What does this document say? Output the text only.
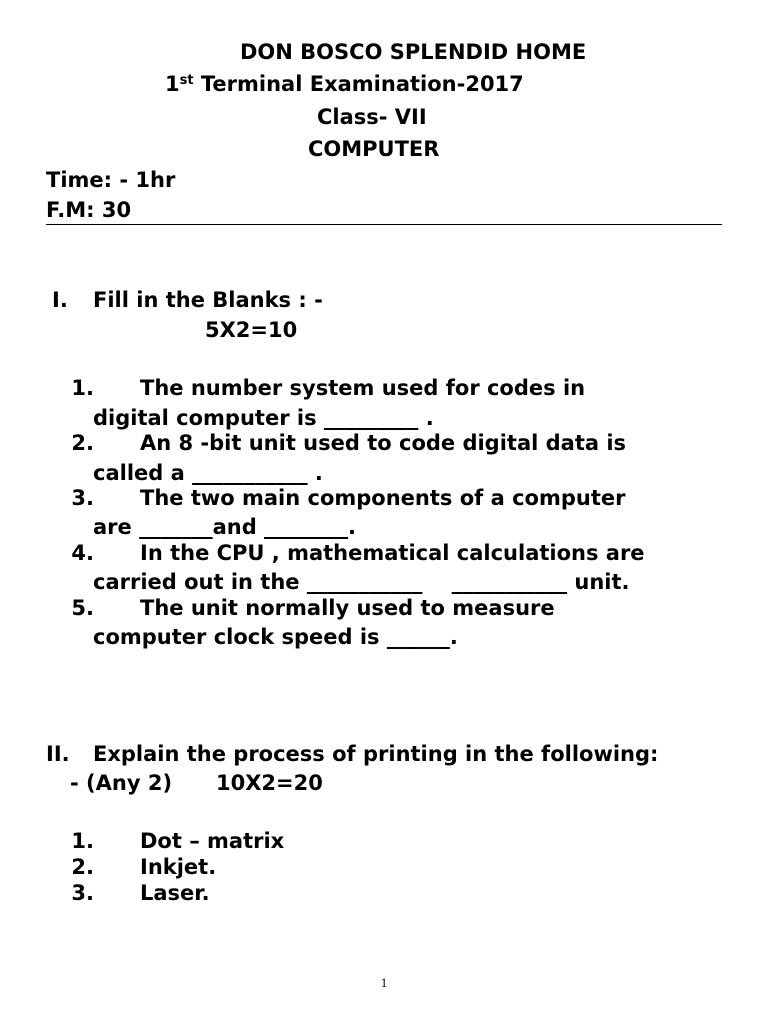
DON BOSCO SPLENDID HOME
1st Terminal Examination-2017
Class- VII
COMPUTER
Time: - 1hr
F.M: 30
I. Fill in the Blanks : -
5X2=10
1. The number system used for codes in
digital computer is _________ .
2. An 8 -bit unit used to code digital data is
called a ___________ .
3. The two main components of a computer
are _______and ________.
4. In the CPU , mathematical calculations are
carried out in the ___________    ___________ unit.
5. The unit normally used to measure
computer clock speed is ______.
II. Explain the process of printing in the following:
- (Any 2) 10X2=20
1. Dot – matrix
2. Inkjet.
3. Laser.
1
